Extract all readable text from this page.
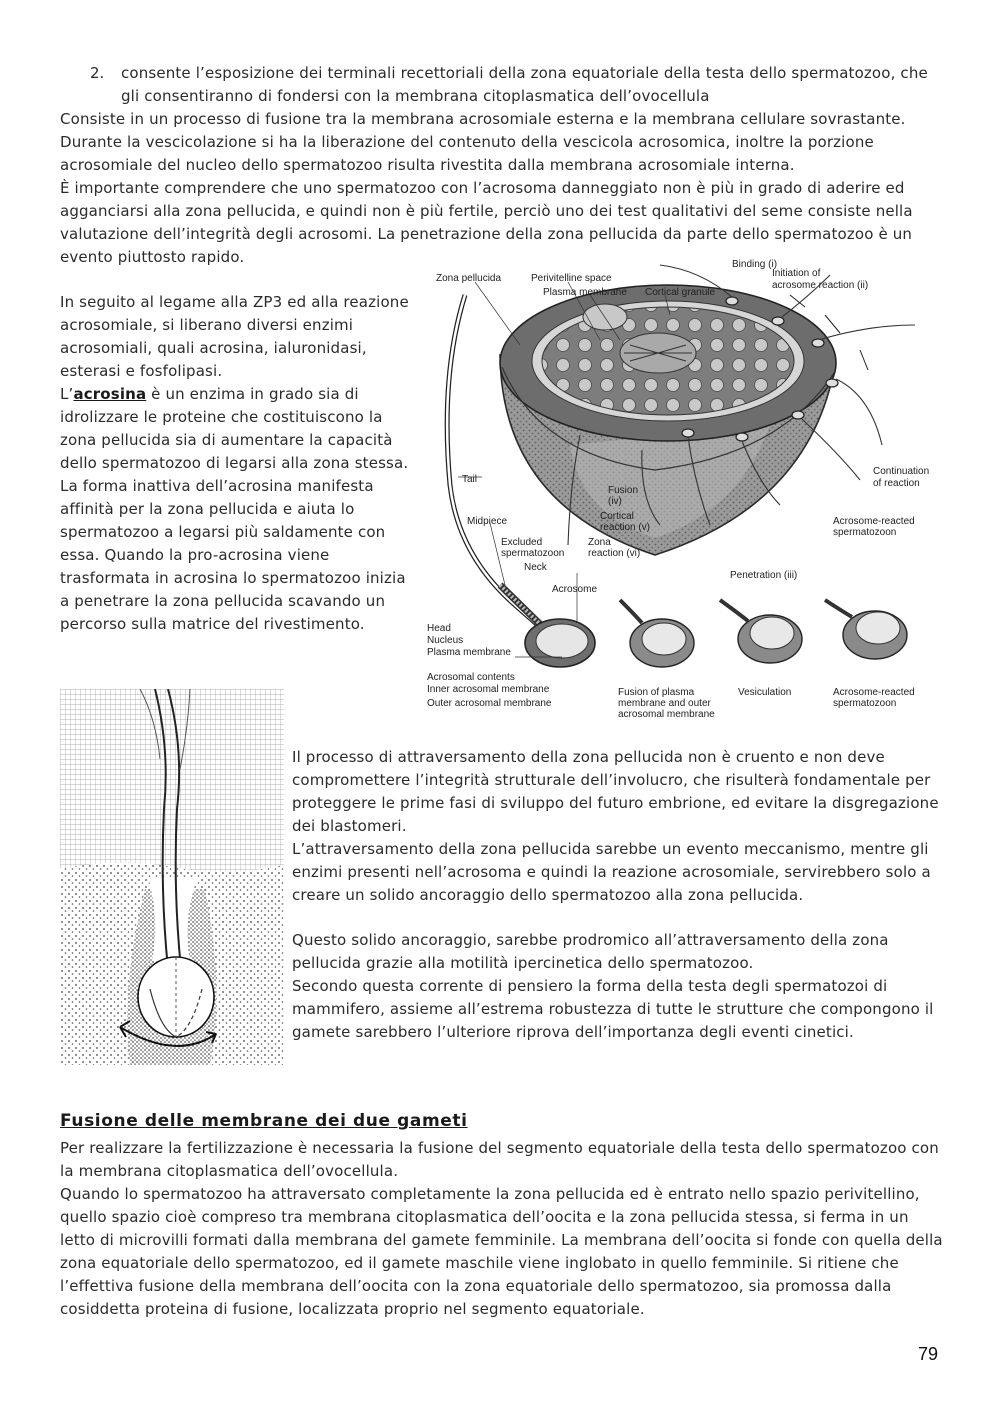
2. consente l’esposizione dei terminali recettoriali della zona equatoriale della testa dello spermatozoo, che gli consentiranno di fondersi con la membrana citoplasmatica dell’ovocellula

Consiste in un processo di fusione tra la membrana acrosomiale esterna e la membrana cellulare sovrastante. Durante la vescicolazione si ha la liberazione del contenuto della vescicola acrosomica, inoltre la porzione acrosomiale del nucleo dello spermatozoo risulta rivestita dalla membrana acrosomiale interna.

È importante comprendere che uno spermatozoo con l’acrosoma danneggiato non è più in grado di aderire ed agganciarsi alla zona pellucida, e quindi non è più fertile, perciò uno dei test qualitativi del seme consiste nella valutazione dell’integrità degli acrosomi. La penetrazione della zona pellucida da parte dello spermatozoo è un evento piuttosto rapido.

In seguito al legame alla ZP3 ed alla reazione acrosomiale, si liberano diversi enzimi acrosomiali, quali acrosina, ialuronidasi, esterasi e fosfolipasi.

L’acrosina è un enzima in grado sia di idrolizzare le proteine che costituiscono la zona pellucida sia di aumentare la capacità dello spermatozoo di legarsi alla zona stessa. La forma inattiva dell’acrosina manifesta affinità per la zona pellucida e aiuta lo spermatozoo a legarsi più saldamente con essa. Quando la pro-acrosina viene trasformata in acrosina lo spermatozoo inizia a penetrare la zona pellucida scavando un percorso sulla matrice del rivestimento.

Zona pellucida	Perivitelline space
Plasma membrane Cortical granule
Binding (i)
Initiation of
acrosome reaction (ii)
Continuation
of reaction
Tail
Fusion
(iv)
Cortical
reaction (v)
Midpiece
Excluded
spermatozoon
Zona
reaction (vi)
Acrosome-reacted
spermatozoon
Neck
Penetration (iii)
Acrosome
Head
Nucleus
Plasma membrane
Acrosomal contents
Inner acrosomal membrane
Outer acrosomal membrane
Fusion of plasma
membrane and outer
acrosomal membrane
Vesiculation	Acrosome-reacted
spermatozoon

Il processo di attraversamento della zona pellucida non è cruento e non deve compromettere l’integrità strutturale dell’involucro, che risulterà fondamentale per proteggere le prime fasi di sviluppo del futuro embrione, ed evitare la disgregazione dei blastomeri.

L’attraversamento della zona pellucida sarebbe un evento meccanismo, mentre gli enzimi presenti nell’acrosoma e quindi la reazione acrosomiale, servirebbero solo a creare un solido ancoraggio dello spermatozoo alla zona pellucida.

Questo solido ancoraggio, sarebbe prodromico all’attraversamento della zona pellucida grazie alla motilità ipercinetica dello spermatozoo.

Secondo questa corrente di pensiero la forma della testa degli spermatozoi di mammifero, assieme all’estrema robustezza di tutte le strutture che compongono il gamete sarebbero l’ulteriore riprova dell’importanza degli eventi cinetici.

Fusione delle membrane dei due gameti

Per realizzare la fertilizzazione è necessaria la fusione del segmento equatoriale della testa dello spermatozoo con la membrana citoplasmatica dell’ovocellula.

Quando lo spermatozoo ha attraversato completamente la zona pellucida ed è entrato nello spazio perivitellino, quello spazio cioè compreso tra membrana citoplasmatica dell’oocita e la zona pellucida stessa, si ferma in un letto di microvilli formati dalla membrana del gamete femminile. La membrana dell’oocita si fonde con quella della zona equatoriale dello spermatozoo, ed il gamete maschile viene inglobato in quello femminile. Si ritiene che l’effettiva fusione della membrana dell’oocita con la zona equatoriale dello spermatozoo, sia promossa dalla cosiddetta proteina di fusione, localizzata proprio nel segmento equatoriale.

79
